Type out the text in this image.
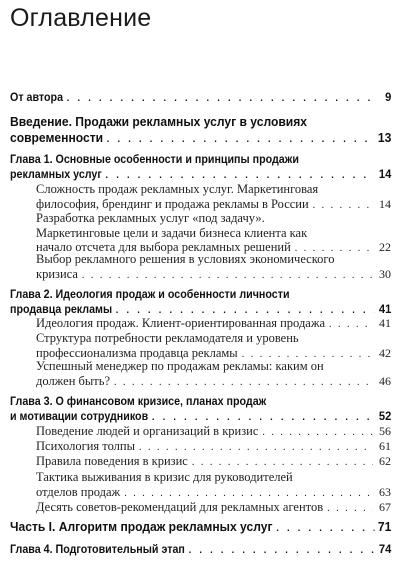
Оглавление
От автора . . .	9
Введение. Продажи рекламных услуг в условиях
современности . . .	13
Глава 1. Основные особенности и принципы продажи
рекламных услуг . . .	14
Сложность продаж рекламных услуг. Маркетинговая
философия, брендинг и продажа рекламы в России . . .	14
Разработка рекламных услуг «под задачу».
Маркетинговые цели и задачи бизнеса клиента как
начало отсчета для выбора рекламных решений . . .	22
Выбор рекламного решения в условиях экономического
кризиса . . .	30
Глава 2. Идеология продаж и особенности личности
продавца рекламы . . .	41
Идеология продаж. Клиент-ориентированная продажа . . .	41
Структура потребности рекламодателя и уровень
профессионализма продавца рекламы . . .	42
Успешный менеджер по продажам рекламы: каким он
должен быть? . . .	46
Глава 3. О финансовом кризисе, планах продаж
и мотивации сотрудников . . .	52
Поведение людей и организаций в кризис . . .	56
Психология толпы . . .	61
Правила поведения в кризис . . .	62
Тактика выживания в кризис для руководителей
отделов продаж . . .	63
Десять советов-рекомендаций для рекламных агентов . . .	67
Часть I. Алгоритм продаж рекламных услуг . . .	71
Глава 4. Подготовительный этап . . .	74
